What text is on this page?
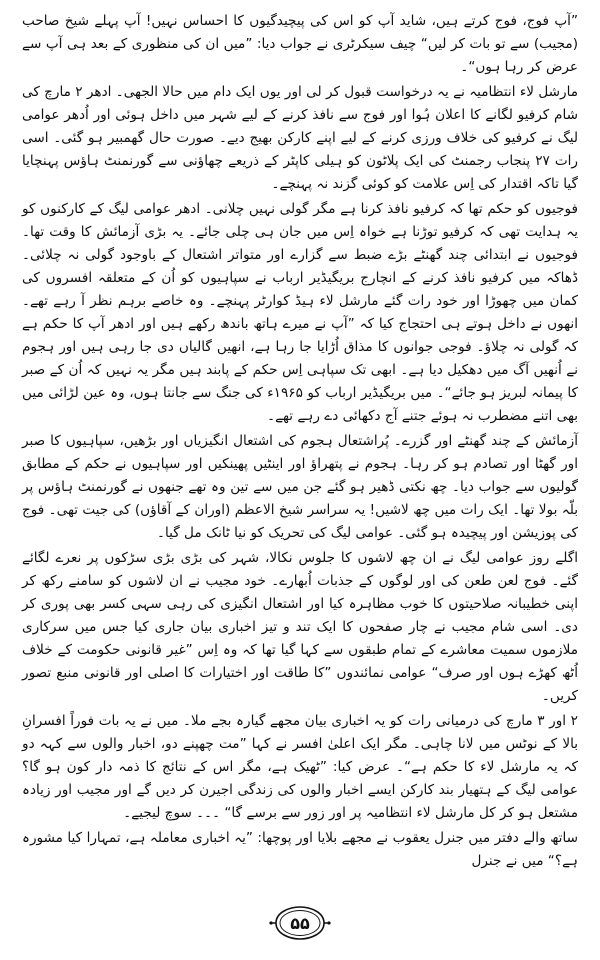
”آپ فوج، فوج کرتے ہیں، شاید آپ کو اس کی پیچیدگیوں کا احساس نہیں! آپ پہلے شیخ صاحب (مجیب) سے تو بات کر لیں“ چیف سیکرٹری نے جواب دیا: ”میں ان کی منظوری کے بعد ہی آپ سے عرض کر رہا ہوں“۔

مارشل لاء انتظامیہ نے یہ درخواست قبول کر لی اور یوں ایک دام میں حالا الجھی۔ ادھر ۲ مارچ کی شام کرفیو لگانے کا اعلان ہُوا اور فوج سے نافذ کرنے کے لیے شہر میں داخل ہوئی اور اُدھر عوامی لیگ نے کرفیو کی خلاف ورزی کرنے کے لیے اپنے کارکن بھیج دیے۔ صورت حال گھمبیر ہو گئی۔ اسی رات ۲۷ پنجاب رجمنٹ کی ایک پلاٹون کو ہیلی کاپٹر کے ذریعے چھاؤنی سے گورنمنٹ ہاؤس پہنچایا گیا تاکہ اقتدار کی اِس علامت کو کوئی گزند نہ پہنچے۔

فوجیوں کو حکم تھا کہ کرفیو نافذ کرنا ہے مگر گولی نہیں چلانی۔ ادھر عوامی لیگ کے کارکنوں کو یہ ہدایت تھی کہ کرفیو توڑنا ہے خواہ اِس میں جان ہی چلی جائے۔ یہ بڑی آزمائش کا وقت تھا۔ فوجیوں نے ابتدائی چند گھنٹے بڑے ضبط سے گزارے اور متواتر اشتعال کے باوجود گولی نہ چلائی۔ ڈھاکہ میں کرفیو نافذ کرنے کے انچارج بریگیڈیر ارباب نے سپاہیوں کو اُن کے متعلقہ افسروں کی کمان میں چھوڑا اور خود رات گئے مارشل لاء ہیڈ کوارٹر پہنچے۔ وہ خاصے برہم نظر آ رہے تھے۔ انھوں نے داخل ہوتے ہی احتجاج کیا کہ ”آپ نے میرے ہاتھ باندھ رکھے ہیں اور ادھر آپ کا حکم ہے کہ گولی نہ چلاؤ۔ فوجی جوانوں کا مذاق اُڑایا جا رہا ہے، انھیں گالیاں دی جا رہی ہیں اور ہجوم نے اُنھیں آگ میں دھکیل دیا ہے۔ ابھی تک سپاہی اِس حکم کے پابند ہیں مگر یہ نہیں کہ اُن کے صبر کا پیمانہ لبریز ہو جائے“۔ میں بریگیڈیر ارباب کو ۱۹۶۵ء کی جنگ سے جانتا ہوں، وہ عین لڑائی میں بھی اتنے مضطرب نہ ہوئے جتنے آج دکھائی دے رہے تھے۔

آزمائش کے چند گھنٹے اور گزرے۔ پُراشتعال ہجوم کی اشتعال انگیزیاں اور بڑھیں، سپاہیوں کا صبر اور گھٹا اور تصادم ہو کر رہا۔ ہجوم نے پتھراؤ اور اینٹیں پھینکیں اور سپاہیوں نے حکم کے مطابق گولیوں سے جواب دیا۔ چھ نکتی ڈھیر ہو گئے جن میں سے تین وہ تھے جنھوں نے گورنمنٹ ہاؤس پر بلّہ بولا تھا۔ ایک رات میں چھ لاشیں! یہ سراسر شیخ الاعظم (اوران کے آقاؤں) کی جیت تھی۔ فوج کی پوزیشن اور پیچیدہ ہو گئی۔ عوامی لیگ کی تحریک کو نیا ٹانک مل گیا۔

اگلے روز عوامی لیگ نے ان چھ لاشوں کا جلوس نکالا، شہر کی بڑی بڑی سڑکوں پر نعرے لگائے گئے۔ فوج لعن طعن کی اور لوگوں کے جذبات اُبھارے۔ خود مجیب نے ان لاشوں کو سامنے رکھ کر اپنی خطیبانہ صلاحیتوں کا خوب مظاہرہ کیا اور اشتعال انگیزی کی رہی سہی کسر بھی پوری کر دی۔ اسی شام مجیب نے چار صفحوں کا ایک تند و تیز اخباری بیان جاری کیا جس میں سرکاری ملازموں سمیت معاشرے کے تمام طبقوں سے کہا گیا تھا کہ وہ اِس ”غیر قانونی حکومت کے خلاف اُٹھ کھڑے ہوں اور صرف“ عوامی نمائندوں ”کا طاقت اور اختیارات کا اصلی اور قانونی منبع تصور کریں۔

۲ اور ۳ مارچ کی درمیانی رات کو یہ اخباری بیان مجھے گیارہ بجے ملا۔ میں نے یہ بات فوراً افسرانِ بالا کے نوٹس میں لانا چاہی۔ مگر ایک اعلیٰ افسر نے کہا ”مت چھپنے دو، اخبار والوں سے کہہ دو کہ یہ مارشل لاء کا حکم ہے“۔ عرض کیا: ”ٹھیک ہے، مگر اس کے نتائج کا ذمہ دار کون ہو گا؟ عوامی لیگ کے ہتھیار بند کارکن ایسے اخبار والوں کی زندگی اجیرن کر دیں گے اور مجیب اور زیادہ مشتعل ہو کر کل مارشل لاء انتظامیہ پر اور زور سے برسے گا“ ۔۔۔ سوچ لیجیے۔

ساتھ والے دفتر میں جنرل یعقوب نے مجھے بلایا اور پوچھا: ”یہ اخباری معاملہ ہے، تمہارا کیا مشورہ ہے؟“ میں نے جنرل

۵۵
